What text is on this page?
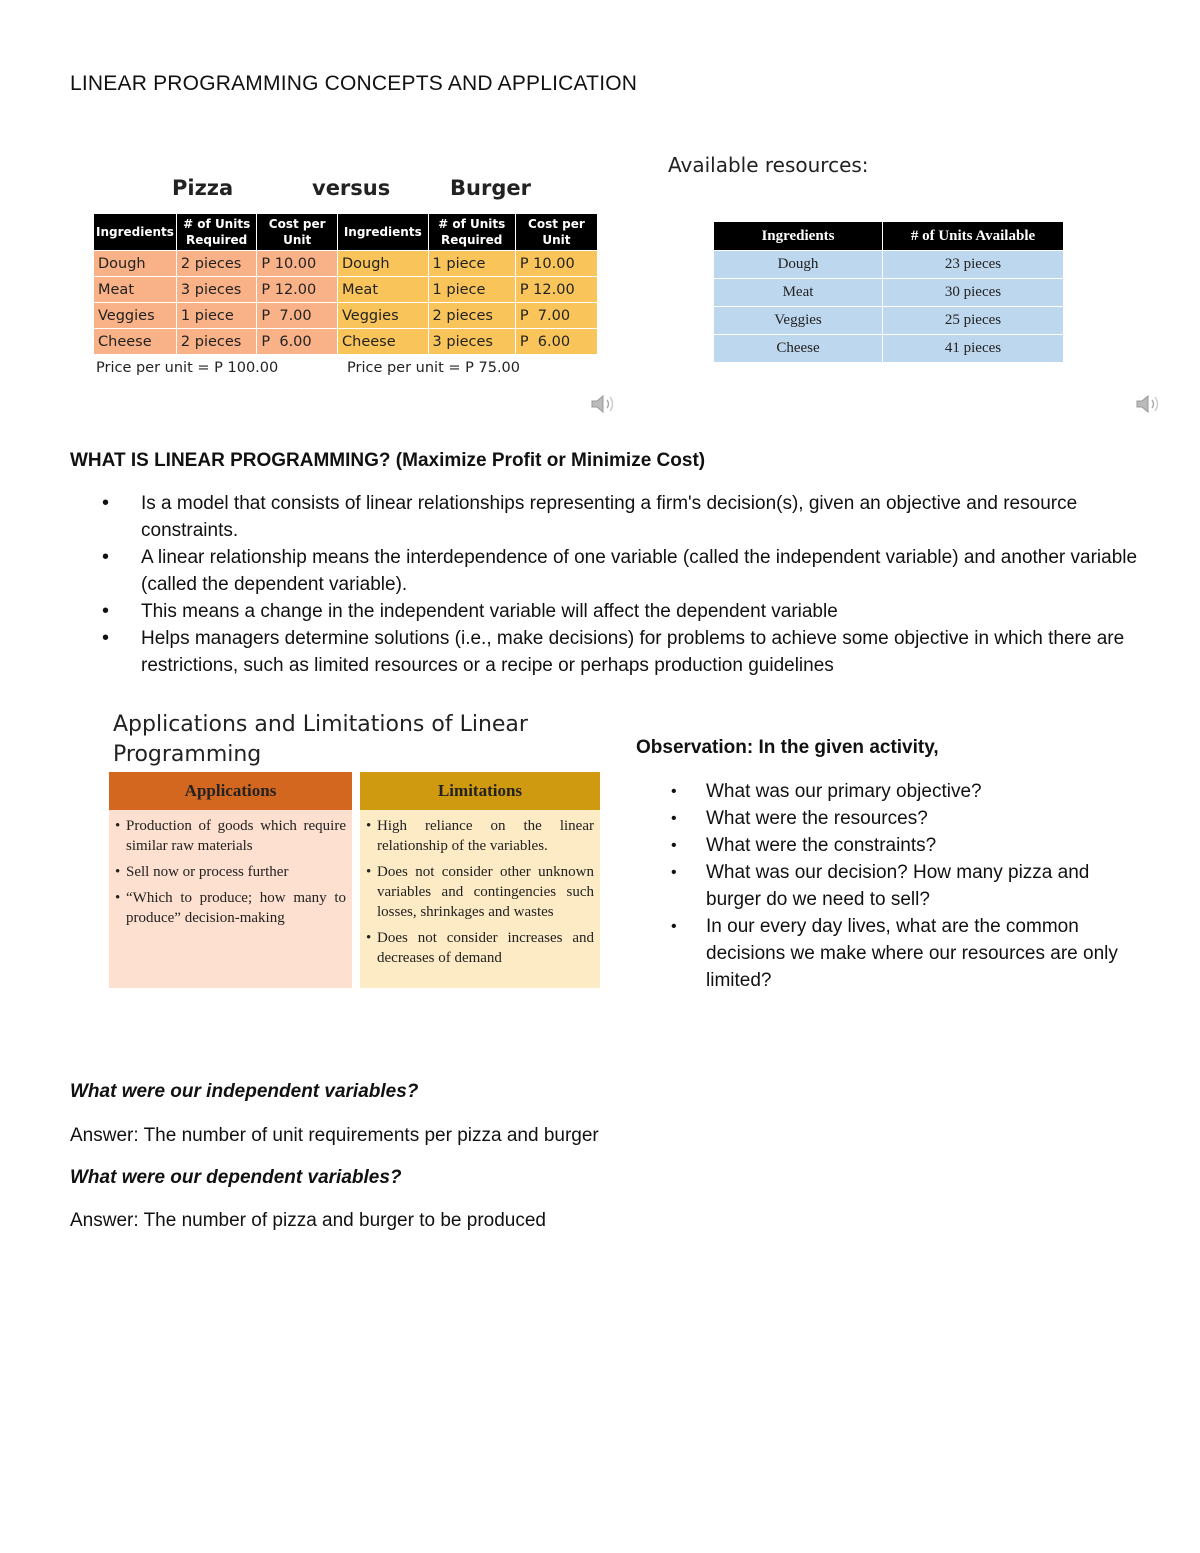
LINEAR PROGRAMMING CONCEPTS AND APPLICATION
Pizza	versus	Burger
Ingredients	# of Units Required	Cost per Unit	Ingredients	# of Units Required	Cost per Unit
Dough	2 pieces	P 10.00	Dough	1 piece	P 10.00
Meat	3 pieces	P 12.00	Meat	1 piece	P 12.00
Veggies	1 piece	P  7.00	Veggies	2 pieces	P  7.00
Cheese	2 pieces	P  6.00	Cheese	3 pieces	P  6.00
Price per unit = P 100.00	Price per unit = P 75.00
Available resources:
Ingredients	# of Units Available
Dough	23 pieces
Meat	30 pieces
Veggies	25 pieces
Cheese	41 pieces
WHAT IS LINEAR PROGRAMMING? (Maximize Profit or Minimize Cost)
• Is a model that consists of linear relationships representing a firm's decision(s), given an objective and resource constraints.
• A linear relationship means the interdependence of one variable (called the independent variable) and another variable (called the dependent variable).
• This means a change in the independent variable will affect the dependent variable
• Helps managers determine solutions (i.e., make decisions) for problems to achieve some objective in which there are restrictions, such as limited resources or a recipe or perhaps production guidelines
Applications and Limitations of Linear Programming
Applications
• Production of goods which require similar raw materials
• Sell now or process further
• “Which to produce; how many to produce” decision-making
Limitations
• High reliance on the linear relationship of the variables.
• Does not consider other unknown variables and contingencies such losses, shrinkages and wastes
• Does not consider increases and decreases of demand
Observation: In the given activity,
• What was our primary objective?
• What were the resources?
• What were the constraints?
• What was our decision? How many pizza and burger do we need to sell?
• In our every day lives, what are the common decisions we make where our resources are only limited?
What were our independent variables?
Answer: The number of unit requirements per pizza and burger
What were our dependent variables?
Answer: The number of pizza and burger to be produced
